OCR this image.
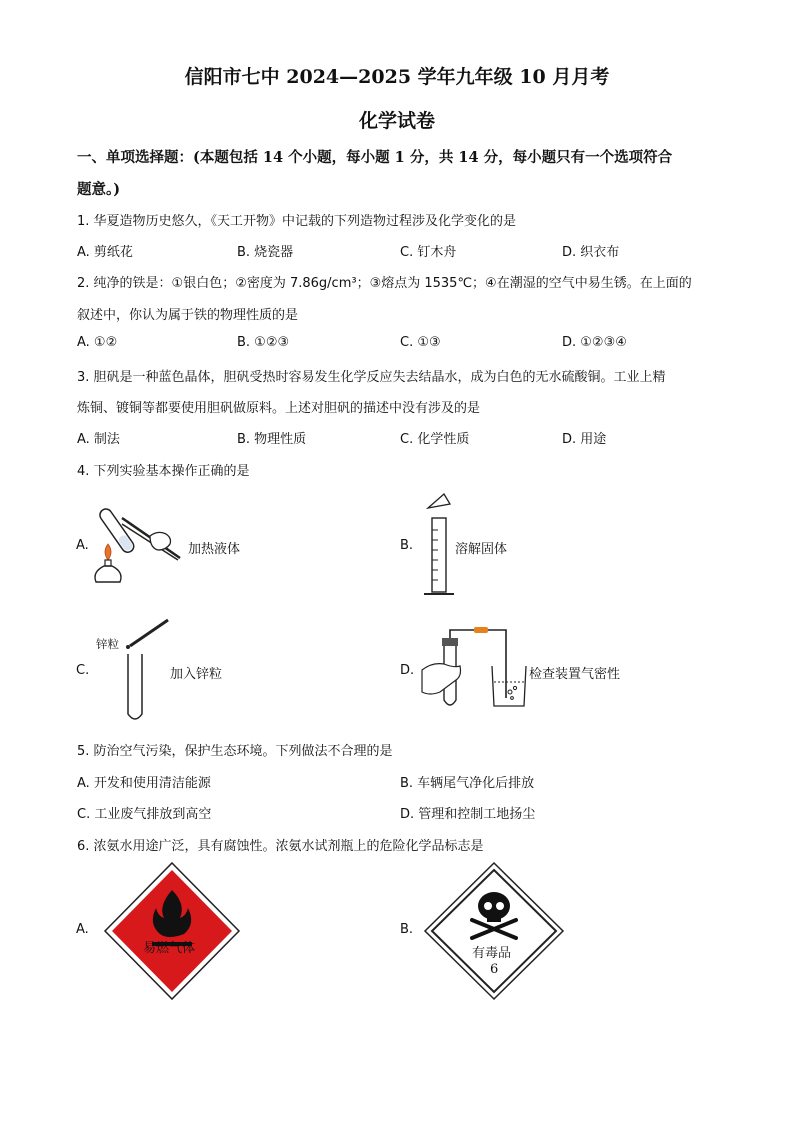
信阳市七中 2024—2025 学年九年级 10 月月考
化学试卷
一、单项选择题：(本题包括 14 个小题，每小题 1 分，共 14 分，每小题只有一个选项符合
题意。)
1. 华夏造物历史悠久，《天工开物》中记载的下列造物过程涉及化学变化的是
A. 剪纸花	B. 烧瓷器	C. 钉木舟	D. 织衣布
2. 纯净的铁是：①银白色；②密度为 7.86g/cm³；③熔点为 1535℃；④在潮湿的空气中易生锈。在上面的
叙述中，你认为属于铁的物理性质的是
A. ①②	B. ①②③	C. ①③	D. ①②③④
3. 胆矾是一种蓝色晶体，胆矾受热时容易发生化学反应失去结晶水，成为白色的无水硫酸铜。工业上精
炼铜、镀铜等都要使用胆矾做原料。上述对胆矾的描述中没有涉及的是
A. 制法	B. 物理性质	C. 化学性质	D. 用途
4. 下列实验基本操作正确的是
A.	加热液体	B.	溶解固体
C.
锌粒
加入锌粒	D.	检查装置气密性
5. 防治空气污染，保护生态环境。下列做法不合理的是
A. 开发和使用清洁能源	B. 车辆尾气净化后排放
C. 工业废气排放到高空	D. 管理和控制工地扬尘
6. 浓氨水用途广泛，具有腐蚀性。浓氨水试剂瓶上的危险化学品标志是
A.
易燃气体
B.
有毒品
6
